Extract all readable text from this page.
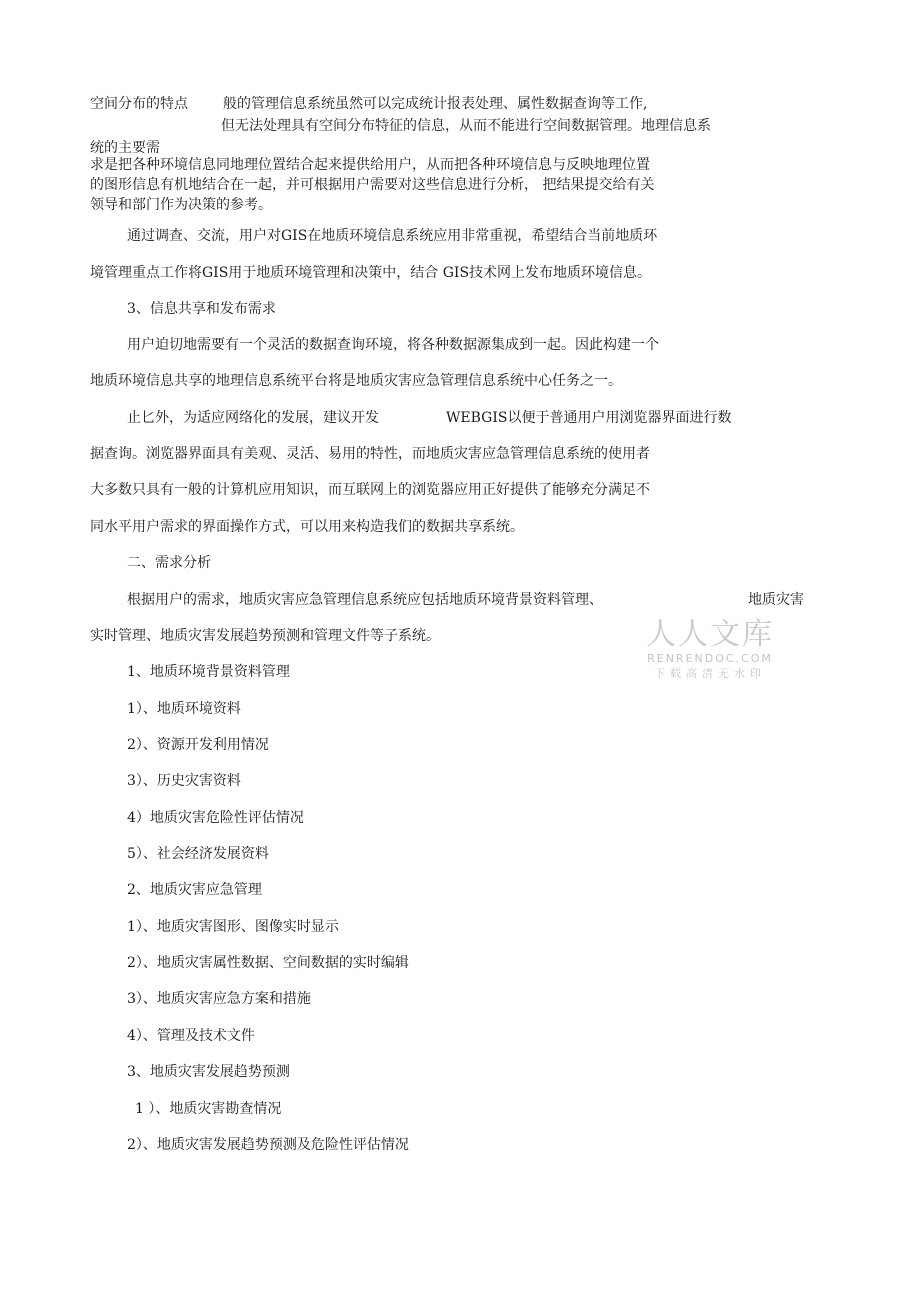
空间分布的特点	般的管理信息系统虽然可以完成统计报表处理、属性数据查询等工作,
但无法处理具有空间分布特征的信息，从而不能进行空间数据管理。地理信息系
统的主要需
求是把各种环境信息同地理位置结合起来提供给用户，从而把各种环境信息与反映地理位置
的图形信息有机地结合在一起，并可根据用户需要对这些信息进行分析， 把结果提交给有关
领导和部门作为决策的参考。
通过调查、交流，用户对GIS在地质环境信息系统应用非常重视，希望结合当前地质环
境管理重点工作将GIS用于地质环境管理和决策中，结合 GIS技术网上发布地质环境信息。
3、信息共享和发布需求
用户迫切地需要有一个灵活的数据查询环境，将各种数据源集成到一起。因此构建一个
地质环境信息共享的地理信息系统平台将是地质灾害应急管理信息系统中心任务之一。
止匕外，为适应网络化的发展，建议开发	WEBGIS以便于普通用户用浏览器界面进行数
据查询。浏览器界面具有美观、灵活、易用的特性，而地质灾害应急管理信息系统的使用者
大多数只具有一般的计算机应用知识，而互联网上的浏览器应用正好提供了能够充分满足不
同水平用户需求的界面操作方式，可以用来构造我们的数据共享系统。
二、需求分析
根据用户的需求，地质灾害应急管理信息系统应包括地质环境背景资料管理、	地质灾害
实时管理、地质灾害发展趋势预测和管理文件等子系统。
1、地质环境背景资料管理
1）、地质环境资料
2）、资源开发利用情况
3）、历史灾害资料
4）地质灾害危险性评估情况
5）、社会经济发展资料
2、地质灾害应急管理
1）、地质灾害图形、图像实时显示
2）、地质灾害属性数据、空间数据的实时编辑
3）、地质灾害应急方案和措施
4）、管理及技术文件
3、地质灾害发展趋势预测
1 ）、地质灾害勘查情况
2）、地质灾害发展趋势预测及危险性评估情况
人人文库
RENRENDOC.COM
下载高清无水印
